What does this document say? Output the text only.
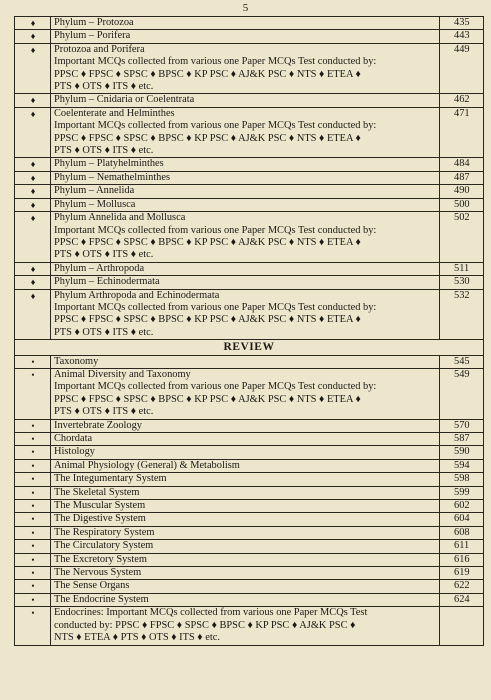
5
♦	Phylum – Protozoa	435
♦	Phylum – Porifera	443
♦	Protozoa and Porifera
Important MCQs collected from various one Paper MCQs Test conducted by:
PPSC ♦ FPSC ♦ SPSC ♦ BPSC ♦ KP PSC ♦ AJ&K PSC ♦ NTS ♦ ETEA ♦
PTS ♦ OTS ♦ ITS ♦ etc.	449
♦	Phylum – Cnidaria or Coelentrata	462
♦	Coelenterate and Helminthes
Important MCQs collected from various one Paper MCQs Test conducted by:
PPSC ♦ FPSC ♦ SPSC ♦ BPSC ♦ KP PSC ♦ AJ&K PSC ♦ NTS ♦ ETEA ♦
PTS ♦ OTS ♦ ITS ♦ etc.	471
♦	Phylum – Platyhelminthes	484
♦	Phylum – Nemathelminthes	487
♦	Phylum – Annelida	490
♦	Phylum – Mollusca	500
♦	Phylum Annelida and Mollusca
Important MCQs collected from various one Paper MCQs Test conducted by:
PPSC ♦ FPSC ♦ SPSC ♦ BPSC ♦ KP PSC ♦ AJ&K PSC ♦ NTS ♦ ETEA ♦
PTS ♦ OTS ♦ ITS ♦ etc.	502
♦	Phylum – Arthropoda	511
♦	Phylum – Echinodermata	530
♦	Phylum Arthropoda and Echinodermata
Important MCQs collected from various one Paper MCQs Test conducted by:
PPSC ♦ FPSC ♦ SPSC ♦ BPSC ♦ KP PSC ♦ AJ&K PSC ♦ NTS ♦ ETEA ♦
PTS ♦ OTS ♦ ITS ♦ etc.	532
REVIEW		
•	Taxonomy	545
•	Animal Diversity and Taxonomy
Important MCQs collected from various one Paper MCQs Test conducted by:
PPSC ♦ FPSC ♦ SPSC ♦ BPSC ♦ KP PSC ♦ AJ&K PSC ♦ NTS ♦ ETEA ♦
PTS ♦ OTS ♦ ITS ♦ etc.	549
•	Invertebrate Zoology	570
•	Chordata	587
•	Histology	590
•	Animal Physiology (General) & Metabolism	594
•	The Integumentary System	598
•	The Skeletal System	599
•	The Muscular System	602
•	The Digestive System	604
•	The Respiratory System	608
•	The Circulatory System	611
•	The Excretory System	616
•	The Nervous System	619
•	The Sense Organs	622
•	The Endocrine System	624
•	Endocrines: Important MCQs collected from various one Paper MCQs Test
conducted by: PPSC ♦ FPSC ♦ SPSC ♦ BPSC ♦ KP PSC ♦ AJ&K PSC ♦
NTS ♦ ETEA ♦ PTS ♦ OTS ♦ ITS ♦ etc.	
